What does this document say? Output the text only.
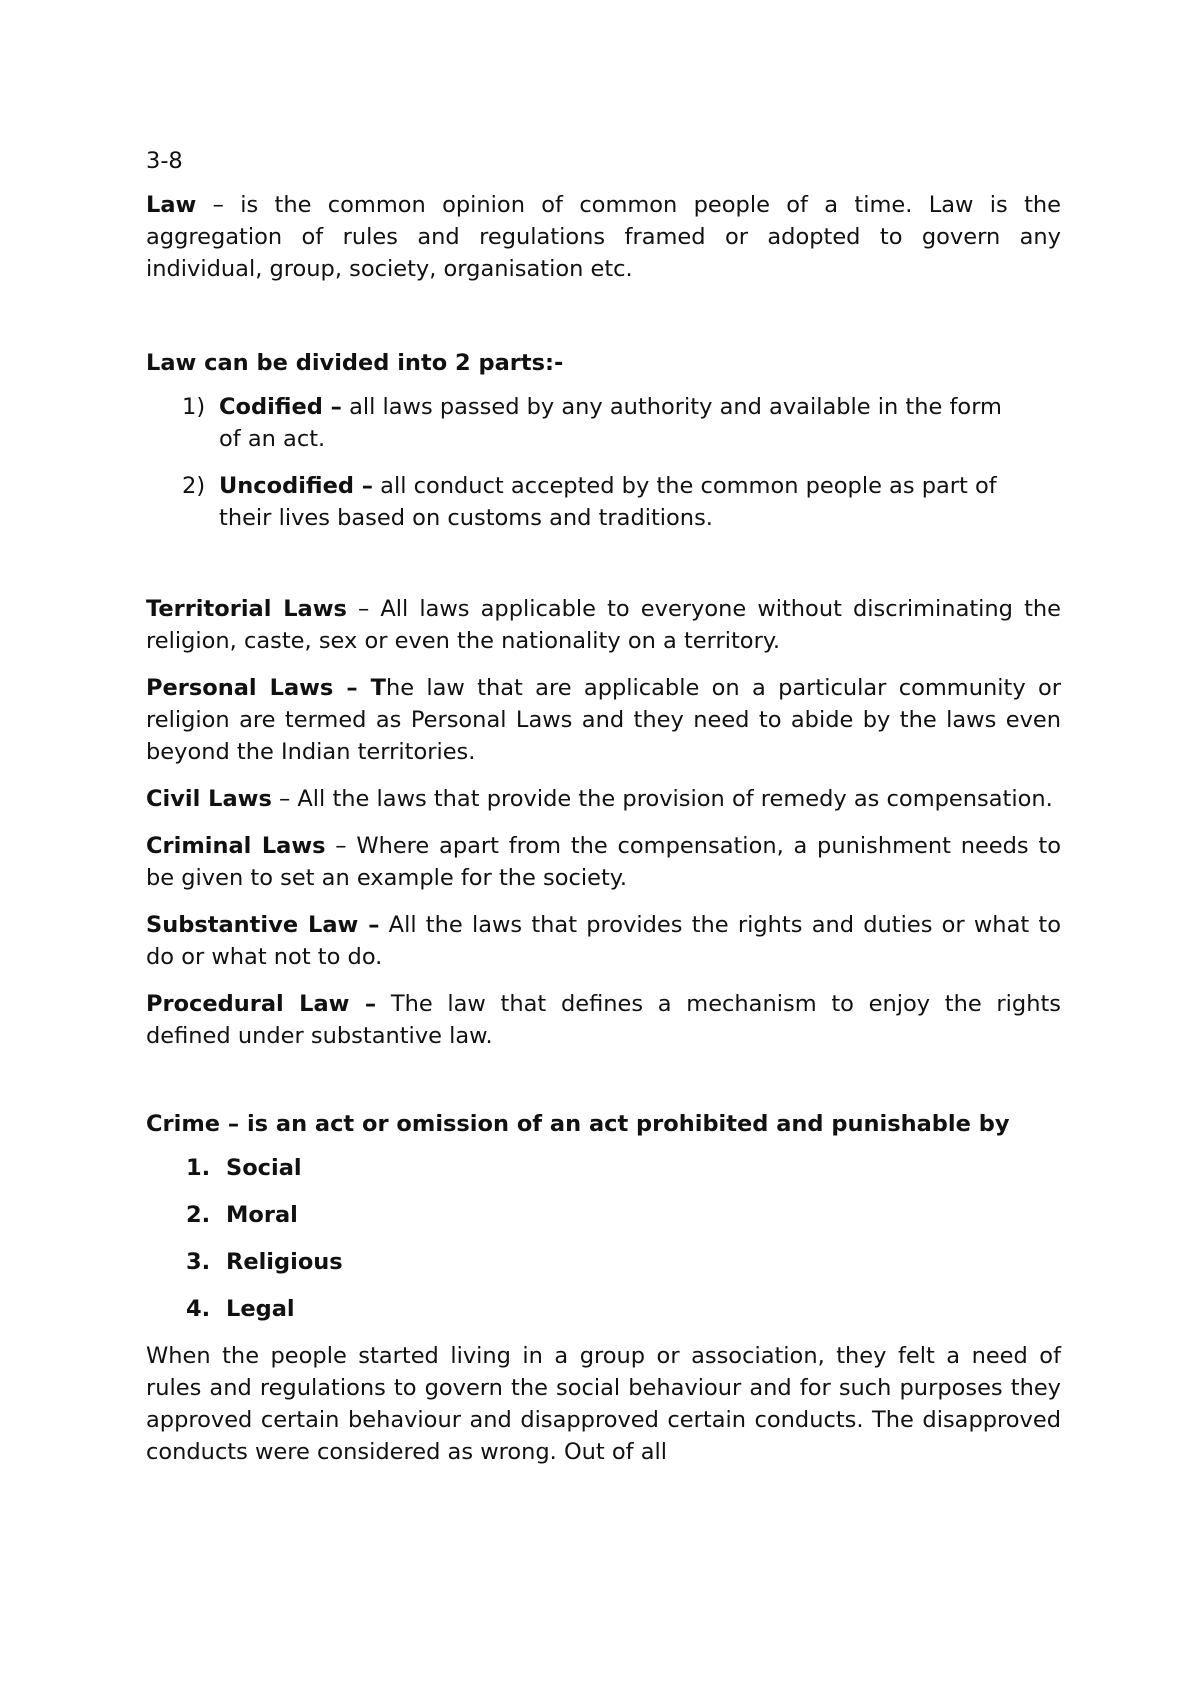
3-8

Law – is the common opinion of common people of a time. Law is the aggregation of rules and regulations framed or adopted to govern any individual, group, society, organisation etc.

Law can be divided into 2 parts:-

1) Codified – all laws passed by any authority and available in the form of an act.
2) Uncodified – all conduct accepted by the common people as part of their lives based on customs and traditions.

Territorial Laws – All laws applicable to everyone without discriminating the religion, caste, sex or even the nationality on a territory.

Personal Laws – The law that are applicable on a particular community or religion are termed as Personal Laws and they need to abide by the laws even beyond the Indian territories.

Civil Laws – All the laws that provide the provision of remedy as compensation.

Criminal Laws – Where apart from the compensation, a punishment needs to be given to set an example for the society.

Substantive Law – All the laws that provides the rights and duties or what to do or what not to do.

Procedural Law – The law that defines a mechanism to enjoy the rights defined under substantive law.

Crime – is an act or omission of an act prohibited and punishable by

1. Social
2. Moral
3. Religious
4. Legal

When the people started living in a group or association, they felt a need of rules and regulations to govern the social behaviour and for such purposes they approved certain behaviour and disapproved certain conducts. The disapproved conducts were considered as wrong. Out of all
